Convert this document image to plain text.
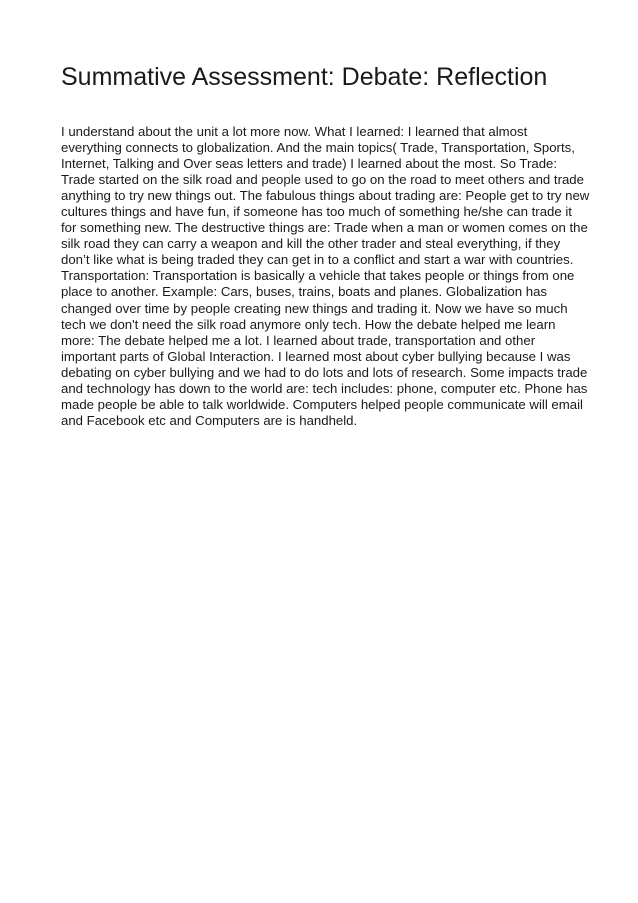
Summative Assessment: Debate: Reflection
I understand about the unit a lot more now. What I learned: I learned that almost
everything connects to globalization. And the main topics( Trade, Transportation, Sports,
Internet, Talking and Over seas letters and trade) I learned about the most. So Trade:
Trade started on the silk road and people used to go on the road to meet others and trade
anything to try new things out. The fabulous things about trading are: People get to try new
cultures things and have fun, if someone has too much of something he/she can trade it
for something new. The destructive things are: Trade when a man or women comes on the
silk road they can carry a weapon and kill the other trader and steal everything, if they
don’t like what is being traded they can get in to a conflict and start a war with countries.
Transportation: Transportation is basically a vehicle that takes people or things from one
place to another. Example: Cars, buses, trains, boats and planes. Globalization has
changed over time by people creating new things and trading it. Now we have so much
tech we don't need the silk road anymore only tech. How the debate helped me learn
more: The debate helped me a lot. I learned about trade, transportation and other
important parts of Global Interaction. I learned most about cyber bullying because I was
debating on cyber bullying and we had to do lots and lots of research. Some impacts trade
and technology has down to the world are: tech includes: phone, computer etc. Phone has
made people be able to talk worldwide. Computers helped people communicate will email
and Facebook etc and Computers are is handheld.
